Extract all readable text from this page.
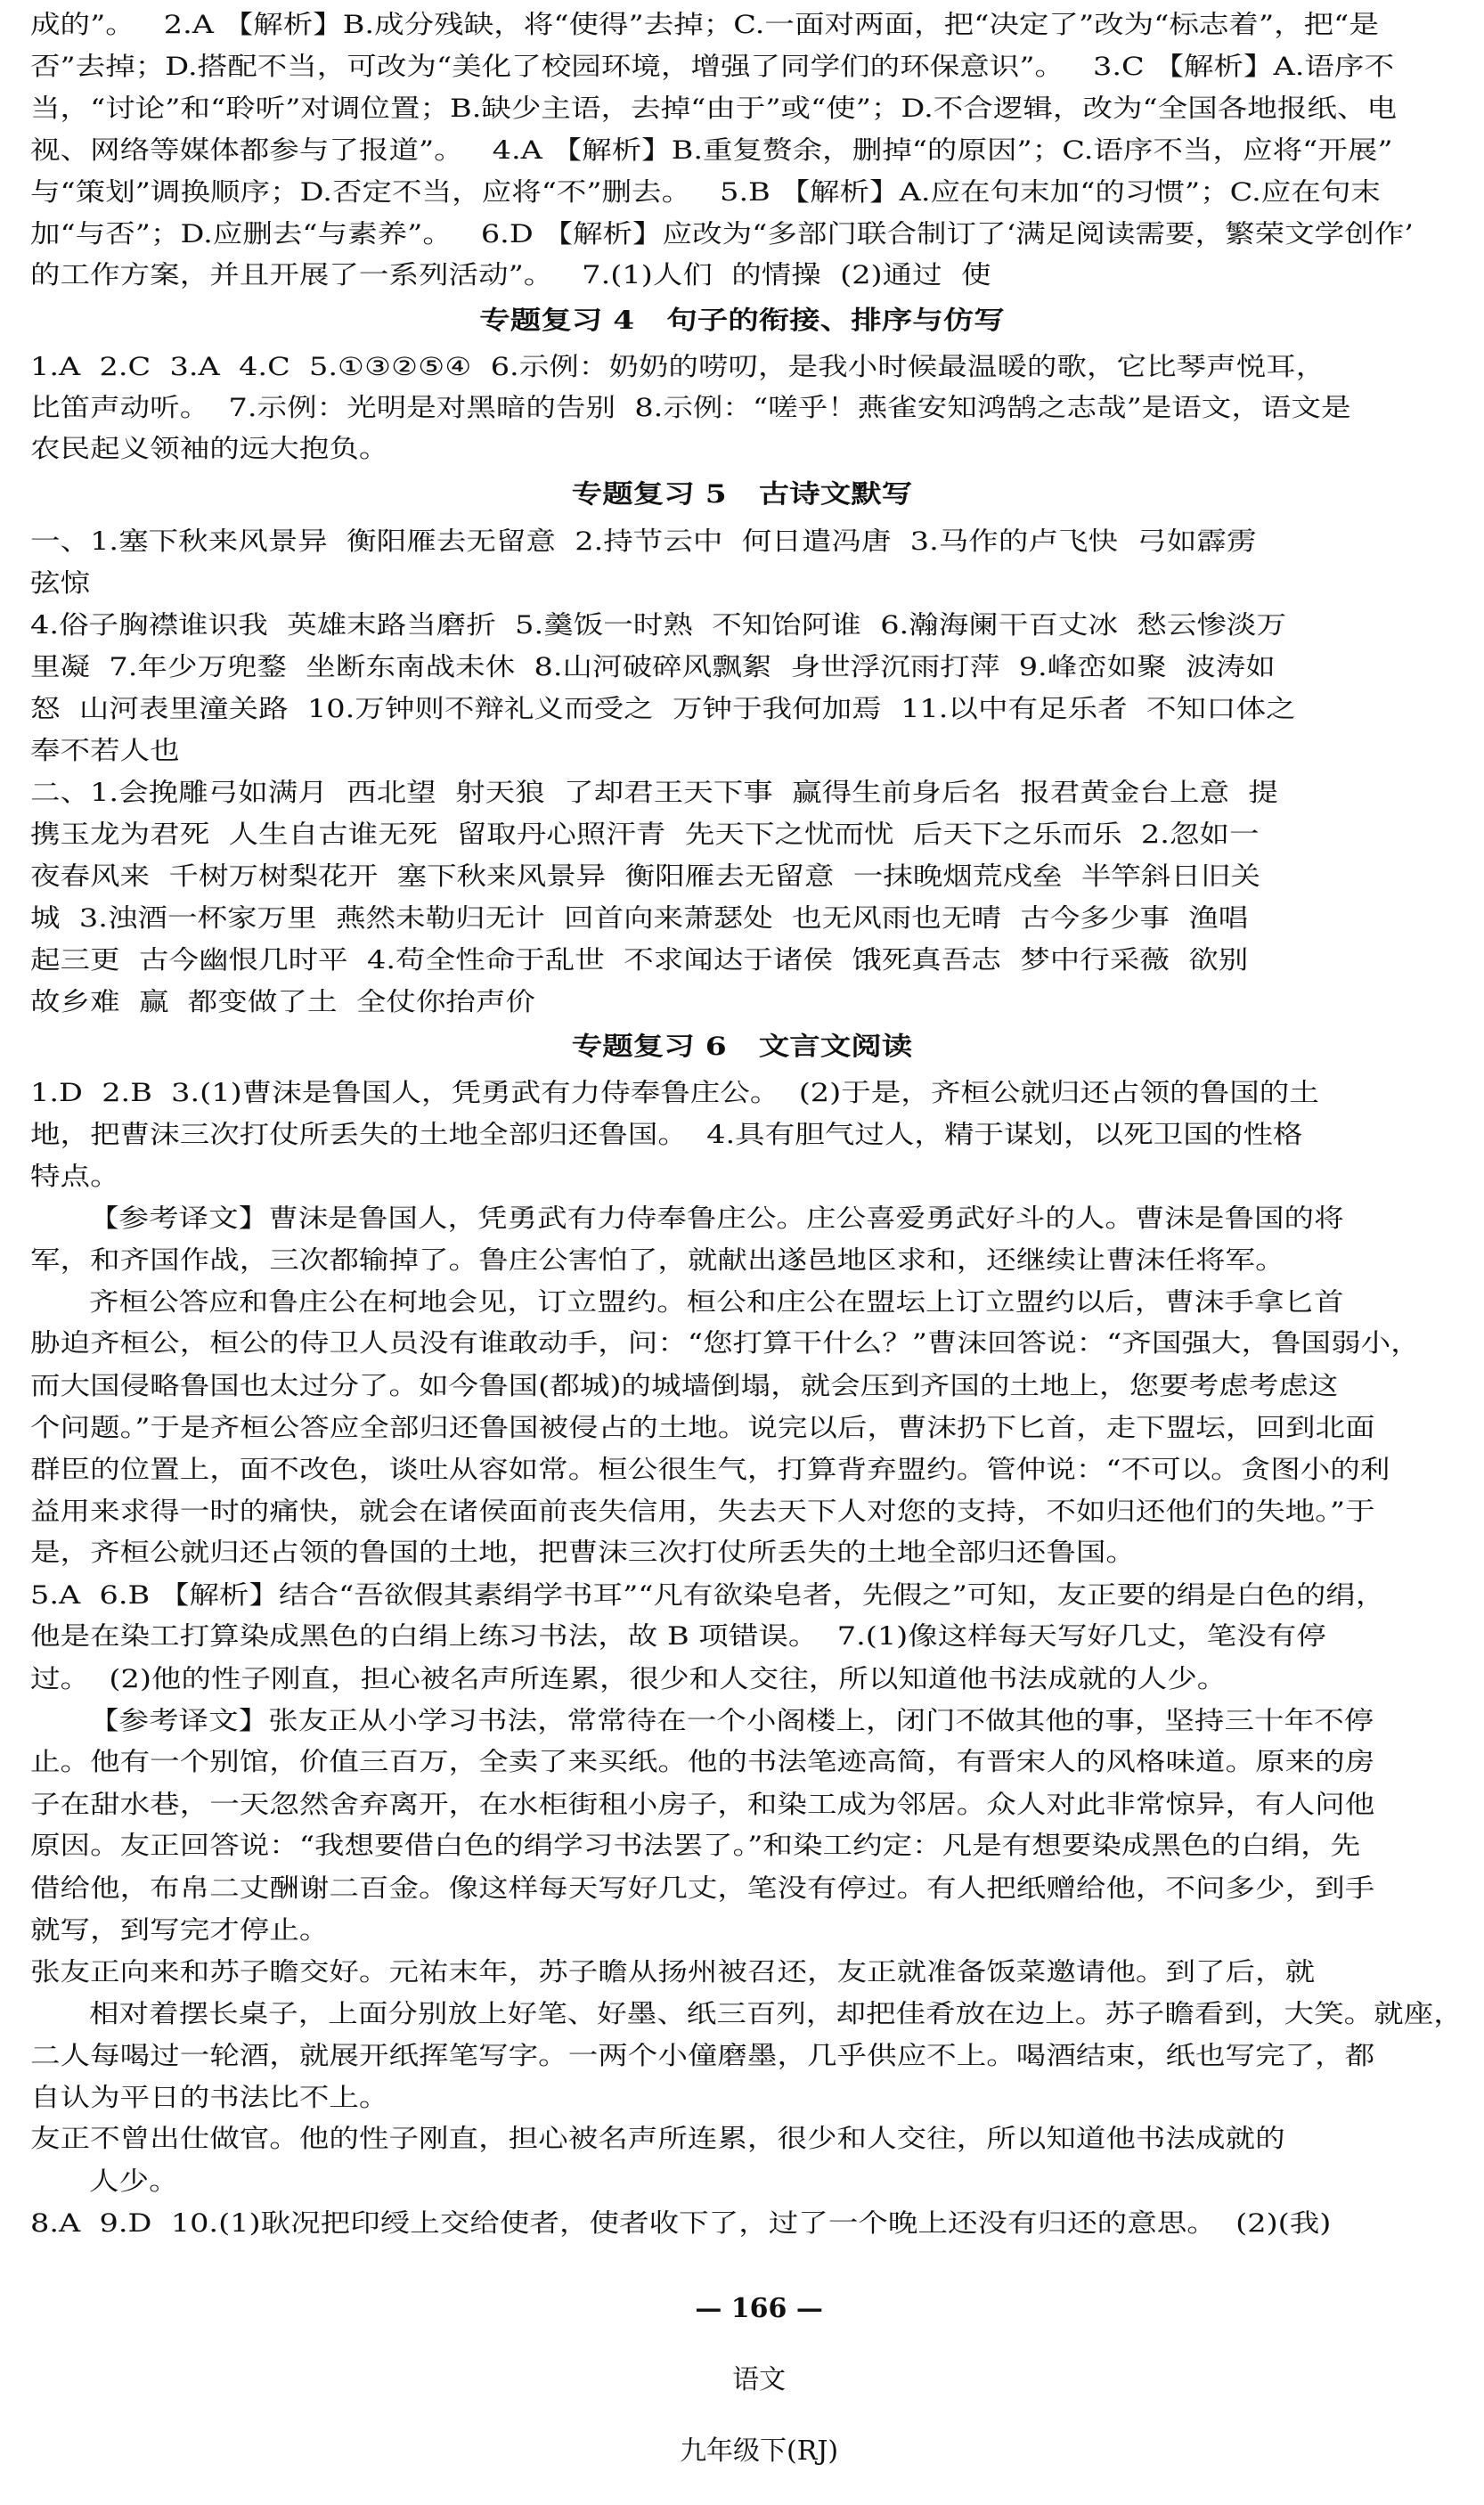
成的”。   2.A 【解析】B.成分残缺，将“使得”去掉；C.一面对两面，把“决定了”改为“标志着”，把“是
否”去掉；D.搭配不当，可改为“美化了校园环境，增强了同学们的环保意识”。   3.C 【解析】A.语序不
当，“讨论”和“聆听”对调位置；B.缺少主语，去掉“由于”或“使”；D.不合逻辑，改为“全国各地报纸、电
视、网络等媒体都参与了报道”。   4.A 【解析】B.重复赘余，删掉“的原因”；C.语序不当，应将“开展”
与“策划”调换顺序；D.否定不当，应将“不”删去。   5.B 【解析】A.应在句末加“的习惯”；C.应在句末
加“与否”；D.应删去“与素养”。   6.D 【解析】应改为“多部门联合制订了‘满足阅读需要，繁荣文学创作’
的工作方案，并且开展了一系列活动”。   7.(1)人们  的情操  (2)通过  使
专题复习 4   句子的衔接、排序与仿写
1.A  2.C  3.A  4.C  5.①③②⑤④  6.示例：奶奶的唠叨，是我小时候最温暖的歌，它比琴声悦耳，
比笛声动听。  7.示例：光明是对黑暗的告别  8.示例：“嗟乎！燕雀安知鸿鹄之志哉”是语文，语文是
农民起义领袖的远大抱负。
专题复习 5   古诗文默写
一、1.塞下秋来风景异  衡阳雁去无留意  2.持节云中  何日遣冯唐  3.马作的卢飞快  弓如霹雳
弦惊
4.俗子胸襟谁识我  英雄末路当磨折  5.羹饭一时熟  不知饴阿谁  6.瀚海阑干百丈冰  愁云惨淡万
里凝  7.年少万兜鍪  坐断东南战未休  8.山河破碎风飘絮  身世浮沉雨打萍  9.峰峦如聚  波涛如
怒  山河表里潼关路  10.万钟则不辩礼义而受之  万钟于我何加焉  11.以中有足乐者  不知口体之
奉不若人也
二、1.会挽雕弓如满月  西北望  射天狼  了却君王天下事  赢得生前身后名  报君黄金台上意  提
携玉龙为君死  人生自古谁无死  留取丹心照汗青  先天下之忧而忧  后天下之乐而乐  2.忽如一
夜春风来  千树万树梨花开  塞下秋来风景异  衡阳雁去无留意  一抹晚烟荒戍垒  半竿斜日旧关
城  3.浊酒一杯家万里  燕然未勒归无计  回首向来萧瑟处  也无风雨也无晴  古今多少事  渔唱
起三更  古今幽恨几时平  4.苟全性命于乱世  不求闻达于诸侯  饿死真吾志  梦中行采薇  欲别
故乡难  赢  都变做了土  全仗你抬声价
专题复习 6   文言文阅读
1.D  2.B  3.(1)曹沫是鲁国人，凭勇武有力侍奉鲁庄公。  (2)于是，齐桓公就归还占领的鲁国的土
地，把曹沫三次打仗所丢失的土地全部归还鲁国。  4.具有胆气过人，精于谋划，以死卫国的性格
特点。
【参考译文】曹沫是鲁国人，凭勇武有力侍奉鲁庄公。庄公喜爱勇武好斗的人。曹沫是鲁国的将
军，和齐国作战，三次都输掉了。鲁庄公害怕了，就献出遂邑地区求和，还继续让曹沫任将军。
齐桓公答应和鲁庄公在柯地会见，订立盟约。桓公和庄公在盟坛上订立盟约以后，曹沫手拿匕首
胁迫齐桓公，桓公的侍卫人员没有谁敢动手，问：“您打算干什么？”曹沫回答说：“齐国强大，鲁国弱小，
而大国侵略鲁国也太过分了。如今鲁国(都城)的城墙倒塌，就会压到齐国的土地上，您要考虑考虑这
个问题。”于是齐桓公答应全部归还鲁国被侵占的土地。说完以后，曹沫扔下匕首，走下盟坛，回到北面
群臣的位置上，面不改色，谈吐从容如常。桓公很生气，打算背弃盟约。管仲说：“不可以。贪图小的利
益用来求得一时的痛快，就会在诸侯面前丧失信用，失去天下人对您的支持，不如归还他们的失地。”于
是，齐桓公就归还占领的鲁国的土地，把曹沫三次打仗所丢失的土地全部归还鲁国。
5.A  6.B 【解析】结合“吾欲假其素绢学书耳”“凡有欲染皂者，先假之”可知，友正要的绢是白色的绢，
他是在染工打算染成黑色的白绢上练习书法，故 B 项错误。  7.(1)像这样每天写好几丈，笔没有停
过。  (2)他的性子刚直，担心被名声所连累，很少和人交往，所以知道他书法成就的人少。
【参考译文】张友正从小学习书法，常常待在一个小阁楼上，闭门不做其他的事，坚持三十年不停
止。他有一个别馆，价值三百万，全卖了来买纸。他的书法笔迹高简，有晋宋人的风格味道。原来的房
子在甜水巷，一天忽然舍弃离开，在水柜街租小房子，和染工成为邻居。众人对此非常惊异，有人问他
原因。友正回答说：“我想要借白色的绢学习书法罢了。”和染工约定：凡是有想要染成黑色的白绢，先
借给他，布帛二丈酬谢二百金。像这样每天写好几丈，笔没有停过。有人把纸赠给他，不问多少，到手
就写，到写完才停止。
张友正向来和苏子瞻交好。元祐末年，苏子瞻从扬州被召还，友正就准备饭菜邀请他。到了后，就
相对着摆长桌子，上面分别放上好笔、好墨、纸三百列，却把佳肴放在边上。苏子瞻看到，大笑。就座，
二人每喝过一轮酒，就展开纸挥笔写字。一两个小僮磨墨，几乎供应不上。喝酒结束，纸也写完了，都
自认为平日的书法比不上。
友正不曾出仕做官。他的性子刚直，担心被名声所连累，很少和人交往，所以知道他书法成就的
人少。
8.A  9.D  10.(1)耿况把印绶上交给使者，使者收下了，过了一个晚上还没有归还的意思。  (2)(我)

— 166 —

语文

九年级下(RJ)
